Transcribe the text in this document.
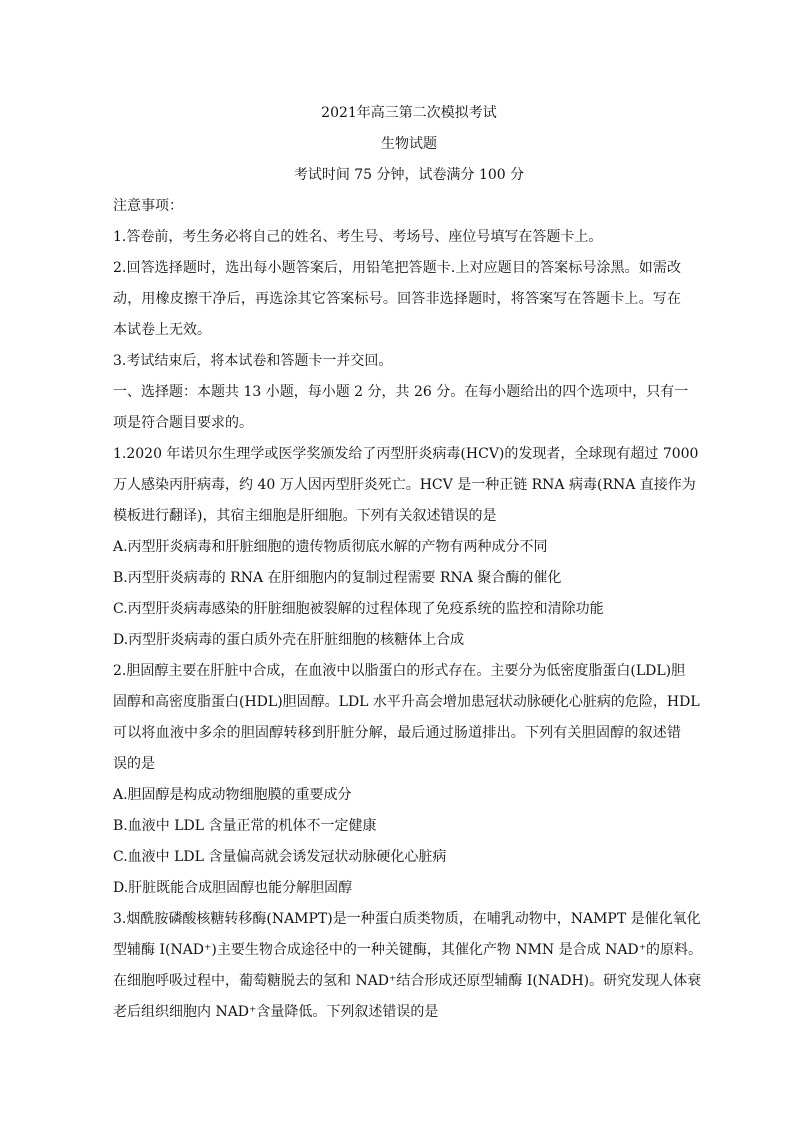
2021年高三第二次模拟考试

生物试题

考试时间 75 分钟，试卷满分 100 分

注意事项：

1.答卷前，考生务必将自己的姓名、考生号、考场号、座位号填写在答题卡上。

2.回答选择题时，选出每小题答案后，用铅笔把答题卡.上对应题目的答案标号涂黑。如需改

动，用橡皮擦干净后，再选涂其它答案标号。回答非选择题时，将答案写在答题卡上。写在

本试卷上无效。

3.考试结束后，将本试卷和答题卡一并交回。

一、选择题：本题共 13 小题，每小题 2 分，共 26 分。在每小题给出的四个选项中，只有一

项是符合题目要求的。

1.2020 年诺贝尔生理学或医学奖颁发给了丙型肝炎病毒(HCV)的发现者，全球现有超过 7000

万人感染丙肝病毒，约 40 万人因丙型肝炎死亡。HCV 是一种正链 RNA 病毒(RNA 直接作为

模板进行翻译)，其宿主细胞是肝细胞。下列有关叙述错误的是

A.丙型肝炎病毒和肝脏细胞的遗传物质彻底水解的产物有两种成分不同

B.丙型肝炎病毒的 RNA 在肝细胞内的复制过程需要 RNA 聚合酶的催化

C.丙型肝炎病毒感染的肝脏细胞被裂解的过程体现了免疫系统的监控和清除功能

D.丙型肝炎病毒的蛋白质外壳在肝脏细胞的核糖体上合成

2.胆固醇主要在肝脏中合成，在血液中以脂蛋白的形式存在。主要分为低密度脂蛋白(LDL)胆

固醇和高密度脂蛋白(HDL)胆固醇。LDL 水平升高会增加患冠状动脉硬化心脏病的危险，HDL

可以将血液中多余的胆固醇转移到肝脏分解，最后通过肠道排出。下列有关胆固醇的叙述错

误的是

A.胆固醇是构成动物细胞膜的重要成分

B.血液中 LDL 含量正常的机体不一定健康

C.血液中 LDL 含量偏高就会诱发冠状动脉硬化心脏病

D.肝脏既能合成胆固醇也能分解胆固醇

3.烟酰胺磷酸核糖转移酶(NAMPT)是一种蛋白质类物质，在哺乳动物中，NAMPT 是催化氧化

型辅酶 I(NAD⁺)主要生物合成途径中的一种关键酶，其催化产物 NMN 是合成 NAD⁺的原料。

在细胞呼吸过程中，葡萄糖脱去的氢和 NAD⁺结合形成还原型辅酶 I(NADH)。研究发现人体衰

老后组织细胞内 NAD⁺含量降低。下列叙述错误的是
